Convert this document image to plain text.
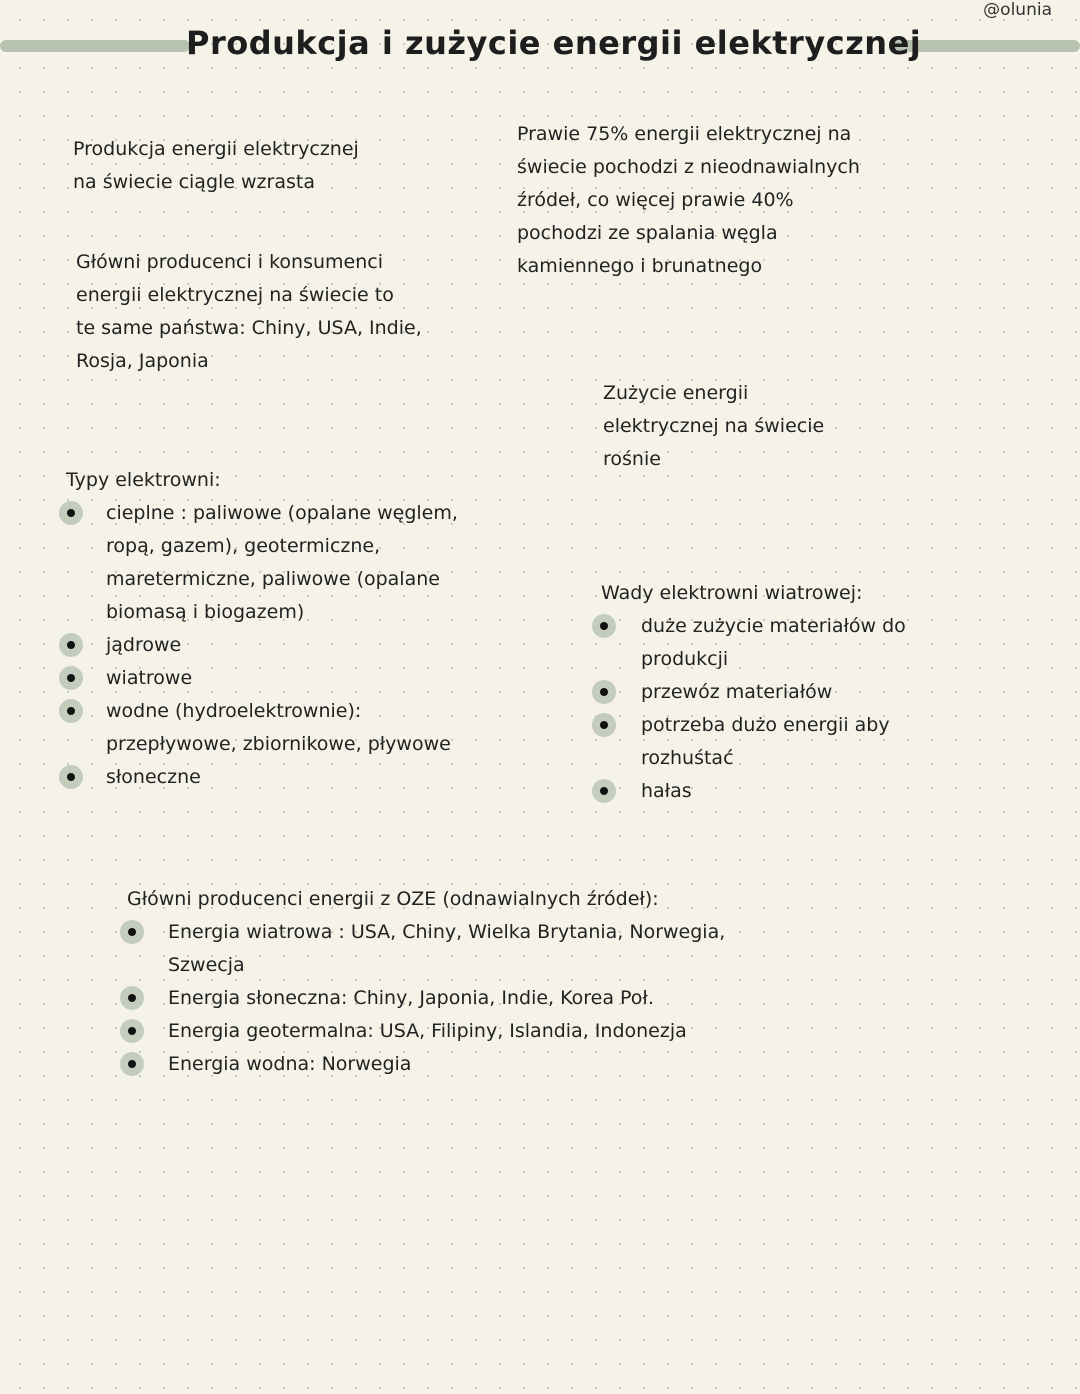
@olunia
Produkcja i zużycie energii elektrycznej

Produkcja energii elektrycznej
na świecie ciągle wzrasta

Główni producenci i konsumenci
energii elektrycznej na świecie to
te same państwa: Chiny, USA, Indie,
Rosja, Japonia

Prawie 75% energii elektrycznej na
świecie pochodzi z nieodnawialnych
źródeł, co więcej prawie 40%
pochodzi ze spalania węgla
kamiennego i brunatnego

Zużycie energii
elektrycznej na świecie
rośnie

Typy elektrowni:

cieplne : paliwowe (opalane węglem,
ropą, gazem), geotermiczne,
maretermiczne, paliwowe (opalane
biomasą i biogazem)
jądrowe
wiatrowe
wodne (hydroelektrownie):
przepływowe, zbiornikowe, pływowe
słoneczne

Wady elektrowni wiatrowej:

duże zużycie materiałów do
produkcji
przewóz materiałów
potrzeba dużo energii aby
rozhuśtać
hałas

Główni producenci energii z OZE (odnawialnych źródeł):

Energia wiatrowa : USA, Chiny, Wielka Brytania, Norwegia,
Szwecja
Energia słoneczna: Chiny, Japonia, Indie, Korea Poł.
Energia geotermalna: USA, Filipiny, Islandia, Indonezja
Energia wodna: Norwegia
